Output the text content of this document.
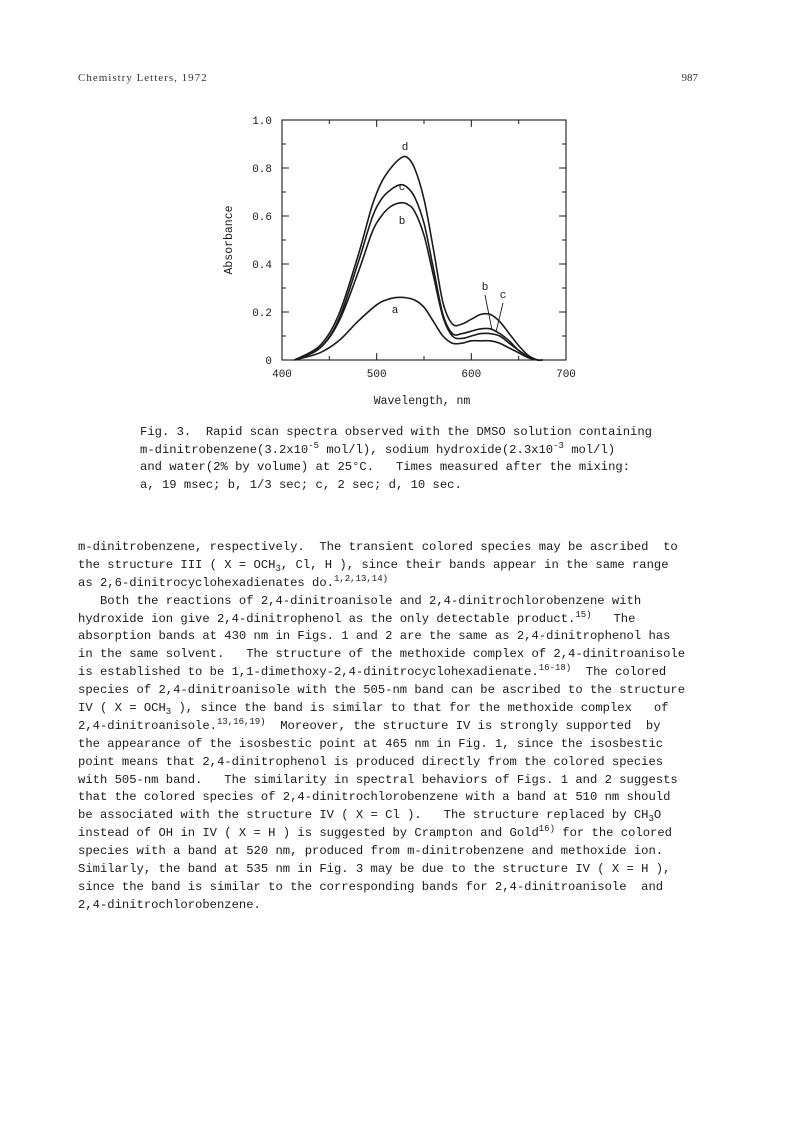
Chemistry Letters, 1972	987
0
0.2
0.4
0.6
0.8
1.0
400	500	600	700
a
b
b
c
c
d
Absorbance
Wavelength, nm
Fig. 3. Rapid scan spectra observed with the DMSO solution containing
$m-dinitrobenzene(3.2x10^{-5}$ mol/l), sodium $hydroxide(2.3x10^{-3}$ mol/l)
and water(2% by volume) at 25°C.   Times measured after the mixing:
a, 19 msec; b, 1/3 sec; c, 2 sec; d, 10 sec.
m-dinitrobenzene, respectively.  The transient colored species may be ascribed  to
the structure III ( $X = OCH_3$, Cl, H ), since their bands appear in the same range
as 2,6-dinitrocyclohexadienates do.$^{1,2,13,14)}$
Both the reactions of 2,4-dinitroanisole and 2,4-dinitrochlorobenzene with
hydroxide ion give 2,4-dinitrophenol as the only detectable product.$^{15)}$   The
absorption bands at 430 nm in Figs. 1 and 2 are the same as 2,4-dinitrophenol has
in the same solvent.   The structure of the methoxide complex of 2,4-dinitroanisole
is established to be 1,1-dimethoxy-2,4-dinitrocyclohexadienate.$^{16-18)}$  The colored
species of 2,4-dinitroanisole with the 505-nm band can be ascribed to the structure
IV ( $X = OCH_3$ ), since the band is similar to that for the methoxide complex   of
2,4-dinitroanisole.$^{13,16,19)}$  Moreover, the structure IV is strongly supported  by
the appearance of the isosbestic point at 465 nm in Fig. 1, since the isosbestic
point means that 2,4-dinitrophenol is produced directly from the colored species
with 505-nm band.   The similarity in spectral behaviors of Figs. 1 and 2 suggests
that the colored species of 2,4-dinitrochlorobenzene with a band at 510 nm should
be associated with the structure IV ( X = Cl ).   The structure replaced by $CH_3O$
instead of OH in IV ( X = H ) is suggested by Crampton and Gold$^{16)}$ for the colored
species with a band at 520 nm, produced from m-dinitrobenzene and methoxide ion.
Similarly, the band at 535 nm in Fig. 3 may be due to the structure IV ( X = H ),
since the band is similar to the corresponding bands for 2,4-dinitroanisole  and
2,4-dinitrochlorobenzene.
